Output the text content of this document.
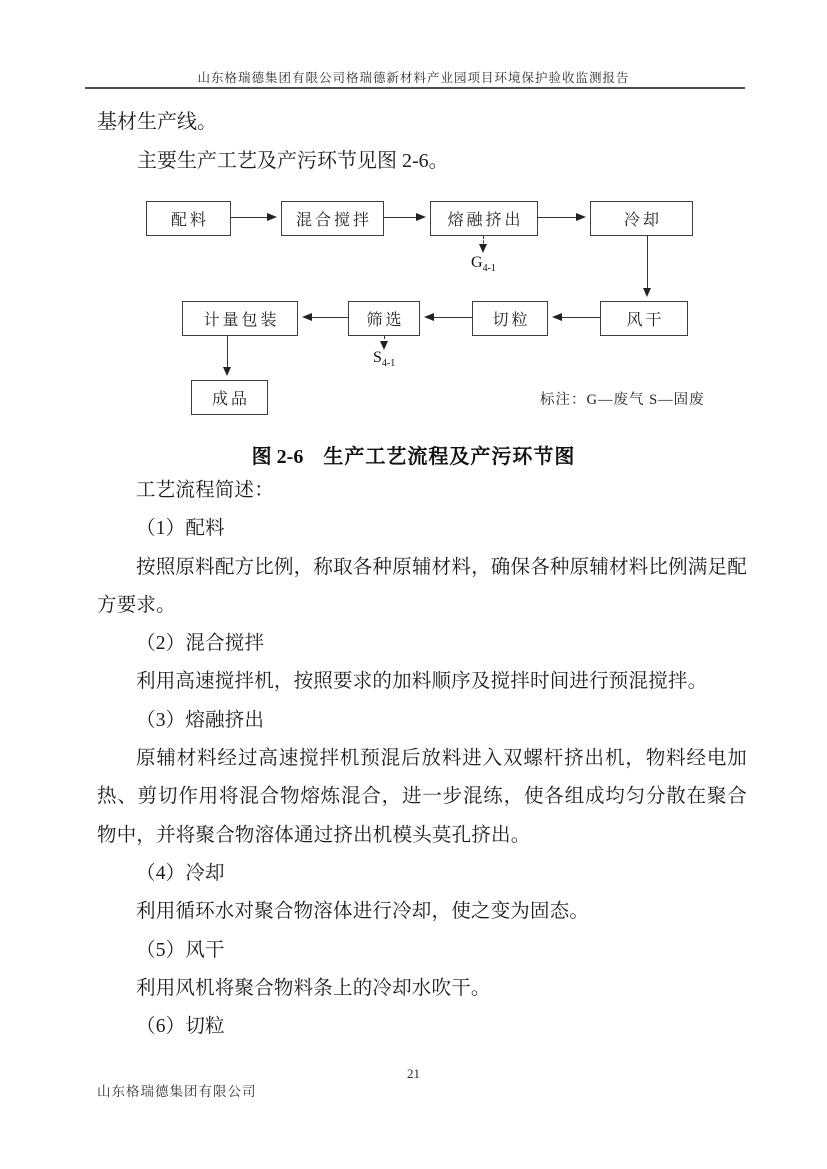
山东格瑞德集团有限公司格瑞德新材料产业园项目环境保护验收监测报告

基材生产线。

主要生产工艺及产污环节见图 2-6。

配料	混合搅拌	熔融挤出	冷却
$G_{4-1}$
计量包装	筛选	切粒	风干
$S_{4-1}$
成品	标注：G—废气 S—固废
图 2-6 生产工艺流程及产污环节图

工艺流程简述：

（1）配料

按照原料配方比例，称取各种原辅材料，确保各种原辅材料比例满足配方要求。

（2）混合搅拌

利用高速搅拌机，按照要求的加料顺序及搅拌时间进行预混搅拌。

（3）熔融挤出

原辅材料经过高速搅拌机预混后放料进入双螺杆挤出机，物料经电加热、剪切作用将混合物熔炼混合，进一步混练，使各组成均匀分散在聚合物中，并将聚合物溶体通过挤出机模头莫孔挤出。

（4）冷却

利用循环水对聚合物溶体进行冷却，使之变为固态。

（5）风干

利用风机将聚合物料条上的冷却水吹干。

（6）切粒

21
山东格瑞德集团有限公司
